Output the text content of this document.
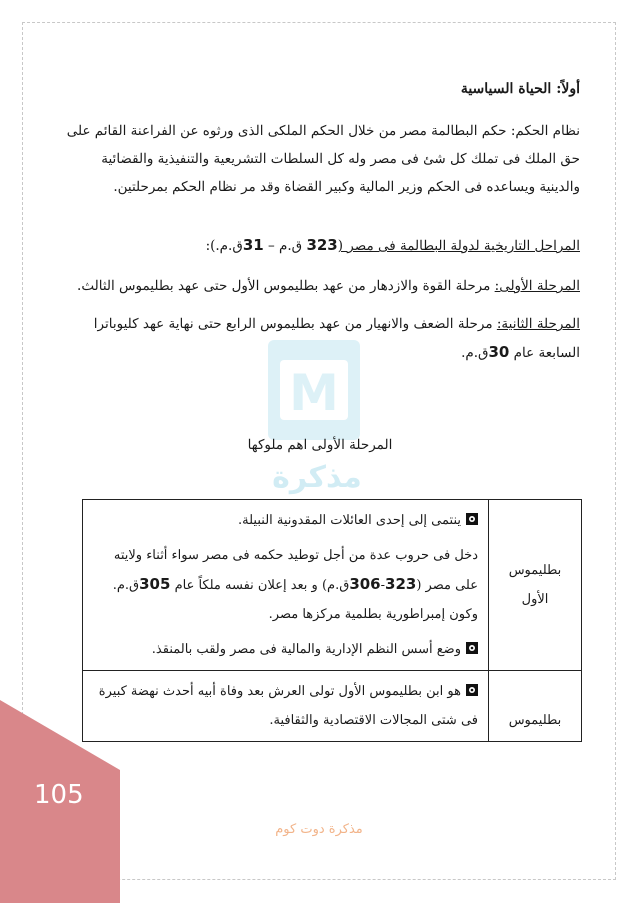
M
مذكرة

أولاً: الحياة السياسية

نظام الحكم: حكم البطالمة مصر من خلال الحكم الملكى الذى ورثوه عن الفراعنة القائم على حق الملك فى تملك كل شئ فى مصر وله كل السلطات التشريعية والتنفيذية والقضائية والدينية ويساعده فى الحكم وزير المالية وكبير القضاة وقد مر نظام الحكم بمرحلتين.

المراحل التاريخية لدولة البطالمة فى مصر (323 ق.م – 31ق.م.):

المرحلة الأولى: مرحلة القوة والازدهار من عهد بطليموس الأول حتى عهد بطليموس الثالث.

المرحلة الثانية: مرحلة الضعف والانهيار من عهد بطليموس الرابع حتى نهاية عهد كليوباترا السابعة عام 30ق.م.

المرحلة الأولى اهم ملوكها

بطليموس الأول	ينتمى إلى إحدى العائلات المقدونية النبيلة.
دخل فى حروب عدة من أجل توطيد حكمه فى مصر سواء أثناء ولايته على مصر (323-306ق.م) و بعد إعلان نفسه ملكاً عام 305ق.م. وكون إمبراطورية بطلمية مركزها مصر.
وضع أسس النظم الإدارية والمالية فى مصر ولقب بالمنقذ.

بطليموس	هو ابن بطليموس الأول تولى العرش بعد وفاة أبيه أحدث نهضة كبيرة فى شتى المجالات الاقتصادية والثقافية.
105
مذكرة دوت كوم
